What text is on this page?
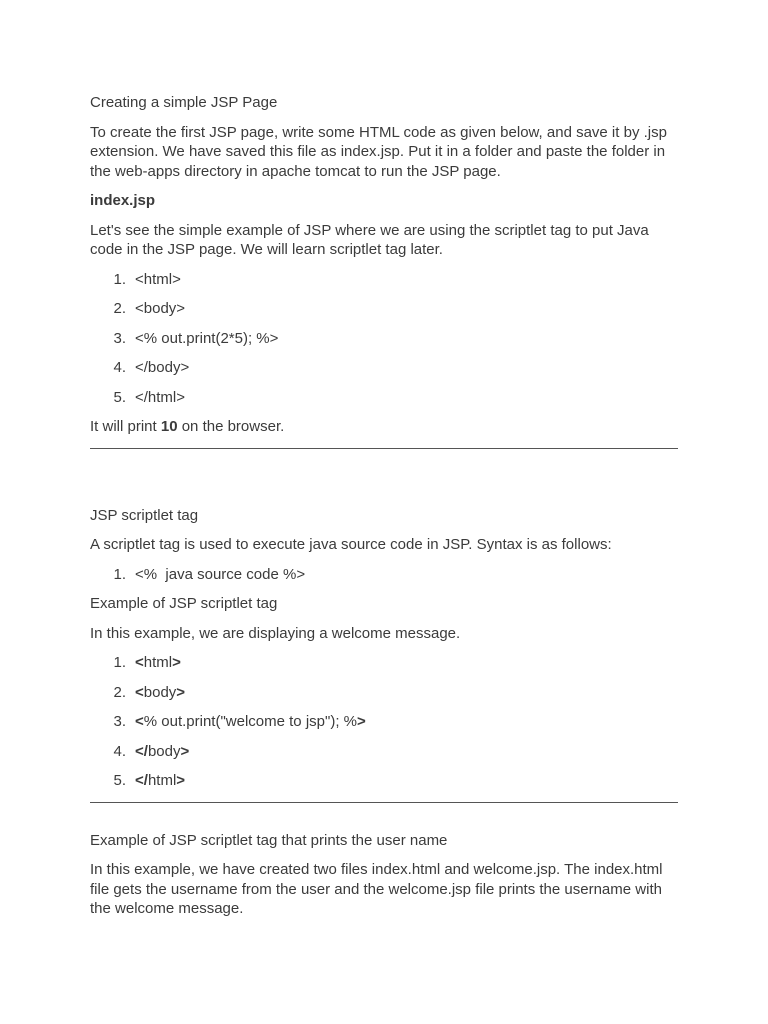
Creating a simple JSP Page

To create the first JSP page, write some HTML code as given below, and save it by .jsp extension. We have saved this file as index.jsp. Put it in a folder and paste the folder in the web-apps directory in apache tomcat to run the JSP page.

index.jsp

Let's see the simple example of JSP where we are using the scriptlet tag to put Java code in the JSP page. We will learn scriptlet tag later.

1 . <html>
2 . <body>
3 . <% out.print(2*5); %>
4 . </body>
5 . </html>

It will print 10 on the browser.

JSP scriptlet tag

A scriptlet tag is used to execute java source code in JSP. Syntax is as follows:

1 . <%  java source code %>

Example of JSP scriptlet tag

In this example, we are displaying a welcome message.

1 . <html>
2 . <body>
3 . <% out.print("welcome to jsp"); %>
4 . </body>
5 . </html>

Example of JSP scriptlet tag that prints the user name

In this example, we have created two files index.html and welcome.jsp. The index.html file gets the username from the user and the welcome.jsp file prints the username with the welcome message.
